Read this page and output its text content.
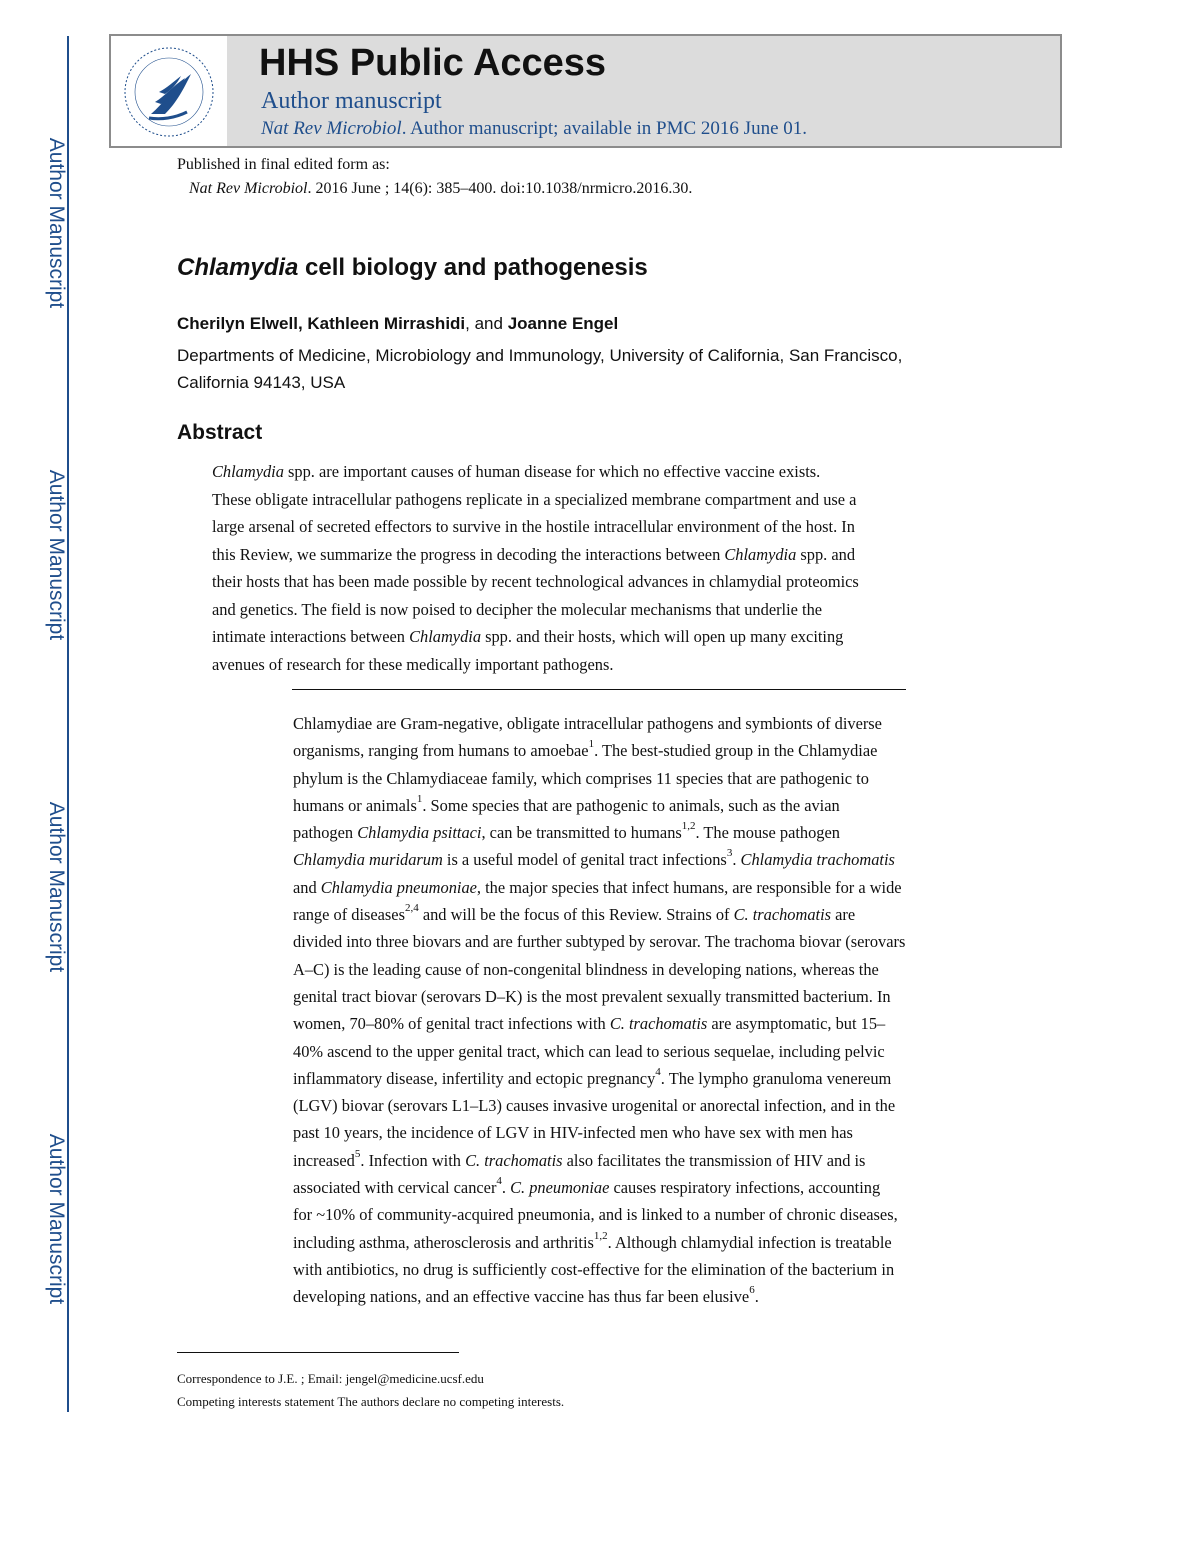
Author Manuscript
Author Manuscript
Author Manuscript
Author Manuscript
HHS Public Access
Author manuscript
Nat Rev Microbiol. Author manuscript; available in PMC 2016 June 01.
Published in final edited form as:
Nat Rev Microbiol. 2016 June ; 14(6): 385–400. doi:10.1038/nrmicro.2016.30.
Chlamydia cell biology and pathogenesis
Cherilyn Elwell, Kathleen Mirrashidi, and Joanne Engel
Departments of Medicine, Microbiology and Immunology, University of California, San Francisco,
California 94143, USA
Abstract
Chlamydia spp. are important causes of human disease for which no effective vaccine exists.
These obligate intracellular pathogens replicate in a specialized membrane compartment and use a
large arsenal of secreted effectors to survive in the hostile intracellular environment of the host. In
this Review, we summarize the progress in decoding the interactions between Chlamydia spp. and
their hosts that has been made possible by recent technological advances in chlamydial proteomics
and genetics. The field is now poised to decipher the molecular mechanisms that underlie the
intimate interactions between Chlamydia spp. and their hosts, which will open up many exciting
avenues of research for these medically important pathogens.
Chlamydiae are Gram-negative, obligate intracellular pathogens and symbionts of diverse
organisms, ranging from humans to amoebae$^1$. The best-studied group in the Chlamydiae
phylum is the Chlamydiaceae family, which comprises 11 species that are pathogenic to
humans or animals$^1$. Some species that are pathogenic to animals, such as the avian
pathogen Chlamydia psittaci, can be transmitted to humans$^{1,2}$. The mouse pathogen
Chlamydia muridarum is a useful model of genital tract infections$^3$. Chlamydia trachomatis
and Chlamydia pneumoniae, the major species that infect humans, are responsible for a wide
range of diseases$^{2,4}$ and will be the focus of this Review. Strains of C. trachomatis are
divided into three biovars and are further subtyped by serovar. The trachoma biovar (serovars
A–C) is the leading cause of non-congenital blindness in developing nations, whereas the
genital tract biovar (serovars D–K) is the most prevalent sexually transmitted bacterium. In
women, 70–80% of genital tract infections with C. trachomatis are asymptomatic, but 15–
40% ascend to the upper genital tract, which can lead to serious sequelae, including pelvic
inflammatory disease, infertility and ectopic pregnancy$^4$. The lympho granuloma venereum
(LGV) biovar (serovars L1–L3) causes invasive urogenital or anorectal infection, and in the
past 10 years, the incidence of LGV in HIV-infected men who have sex with men has
increased$^5$. Infection with C. trachomatis also facilitates the transmission of HIV and is
associated with cervical cancer$^4$. C. pneumoniae causes respiratory infections, accounting
for ~10% of community-acquired pneumonia, and is linked to a number of chronic diseases,
including asthma, atherosclerosis and arthritis$^{1,2}$. Although chlamydial infection is treatable
with antibiotics, no drug is sufficiently cost-effective for the elimination of the bacterium in
developing nations, and an effective vaccine has thus far been elusive$^6$.
Correspondence to J.E. ; Email: jengel@medicine.ucsf.edu
Competing interests statement The authors declare no competing interests.
